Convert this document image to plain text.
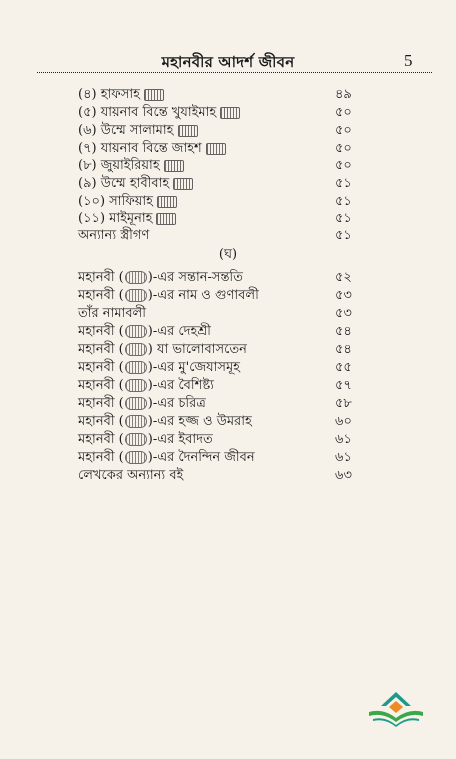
মহানবীর আদর্শ জীবন	5
(৪) হাফসাহ	৪৯
(৫) যায়নাব বিন্তে খুযাইমাহ	৫০
(৬) উম্মে সালামাহ	৫০
(৭) যায়নাব বিন্তে জাহশ	৫০
(৮) জুয়াইরিয়াহ	৫০
(৯) উম্মে হাবীবাহ	৫১
(১০) সাফিয়াহ	৫১
(১১) মাইমূনাহ	৫১
অন্যান্য স্ত্রীগণ	৫১
(ঘ)
মহানবী ( )-এর সন্তান-সন্ততি	৫২
মহানবী ( )-এর নাম ও গুণাবলী	৫৩
তাঁর নামাবলী	৫৩
মহানবী ( )-এর দেহশ্রী	৫৪
মহানবী ( ) যা ভালোবাসতেন	৫৪
মহানবী ( )-এর মু'জেযাসমূহ	৫৫
মহানবী ( )-এর বৈশিষ্ট্য	৫৭
মহানবী ( )-এর চরিত্র	৫৮
মহানবী ( )-এর হজ্জ ও উমরাহ	৬০
মহানবী ( )-এর ইবাদত	৬১
মহানবী ( )-এর দৈনন্দিন জীবন	৬১
লেখকের অন্যান্য বই	৬৩
